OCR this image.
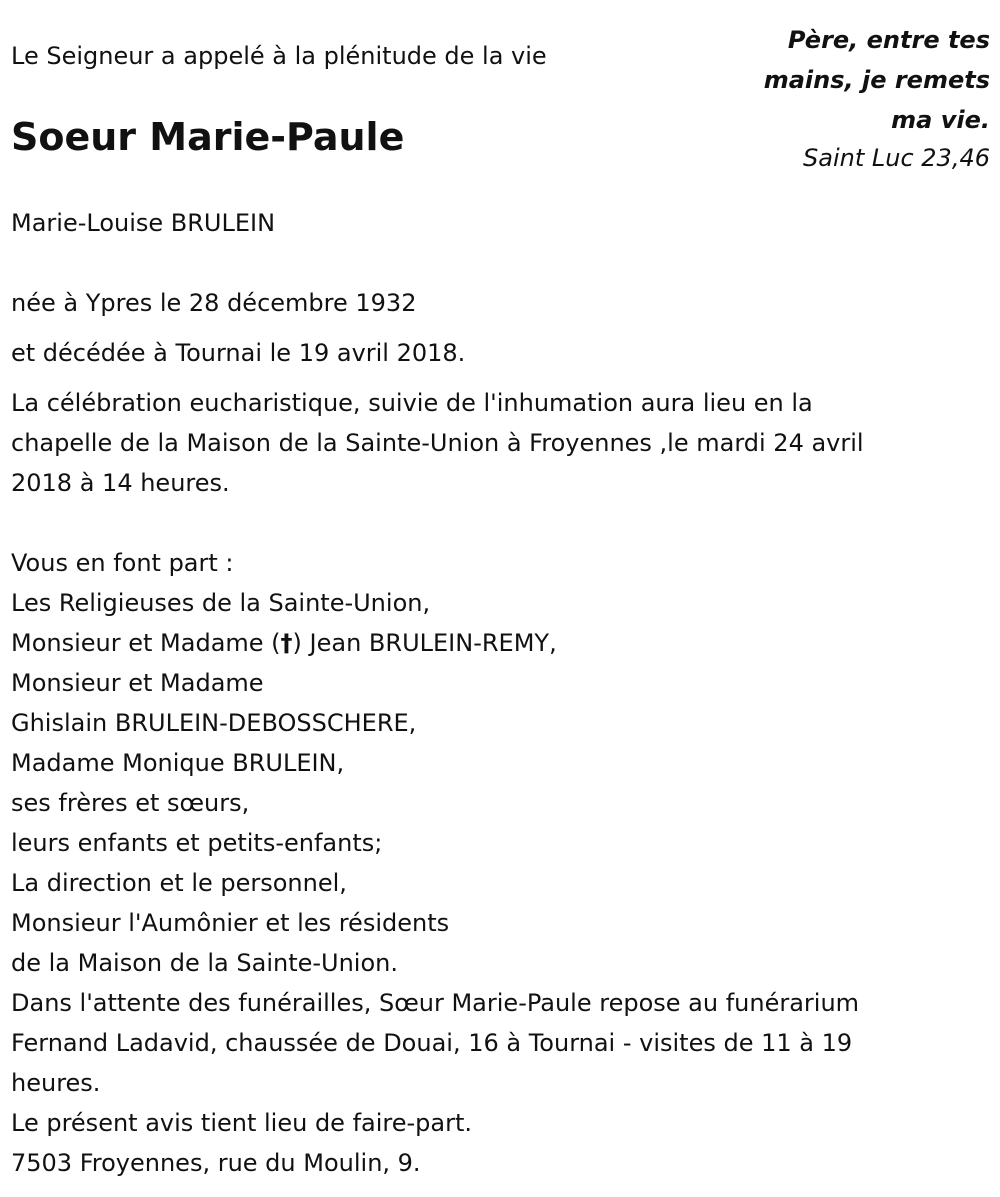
Le Seigneur a appelé à la plénitude de la vie

Soeur Marie-Paule
Père, entre tes
mains, je remets
ma vie.
Saint Luc 23,46

Marie-Louise BRULEIN

née à Ypres le 28 décembre 1932
et décédée à Tournai le 19 avril 2018.
La célébration eucharistique, suivie de l'inhumation aura lieu en la
chapelle de la Maison de la Sainte-Union à Froyennes ,le mardi 24 avril
2018 à 14 heures.
Vous en font part :
Les Religieuses de la Sainte-Union,
Monsieur et Madame (†) Jean BRULEIN-REMY,
Monsieur et Madame
Ghislain BRULEIN-DEBOSSCHERE,
Madame Monique BRULEIN,
ses frères et sœurs,
leurs enfants et petits-enfants;
La direction et le personnel,
Monsieur l'Aumônier et les résidents
de la Maison de la Sainte-Union.
Dans l'attente des funérailles, Sœur Marie-Paule repose au funérarium
Fernand Ladavid, chaussée de Douai, 16 à Tournai - visites de 11 à 19
heures.
Le présent avis tient lieu de faire-part.
7503 Froyennes, rue du Moulin, 9.
